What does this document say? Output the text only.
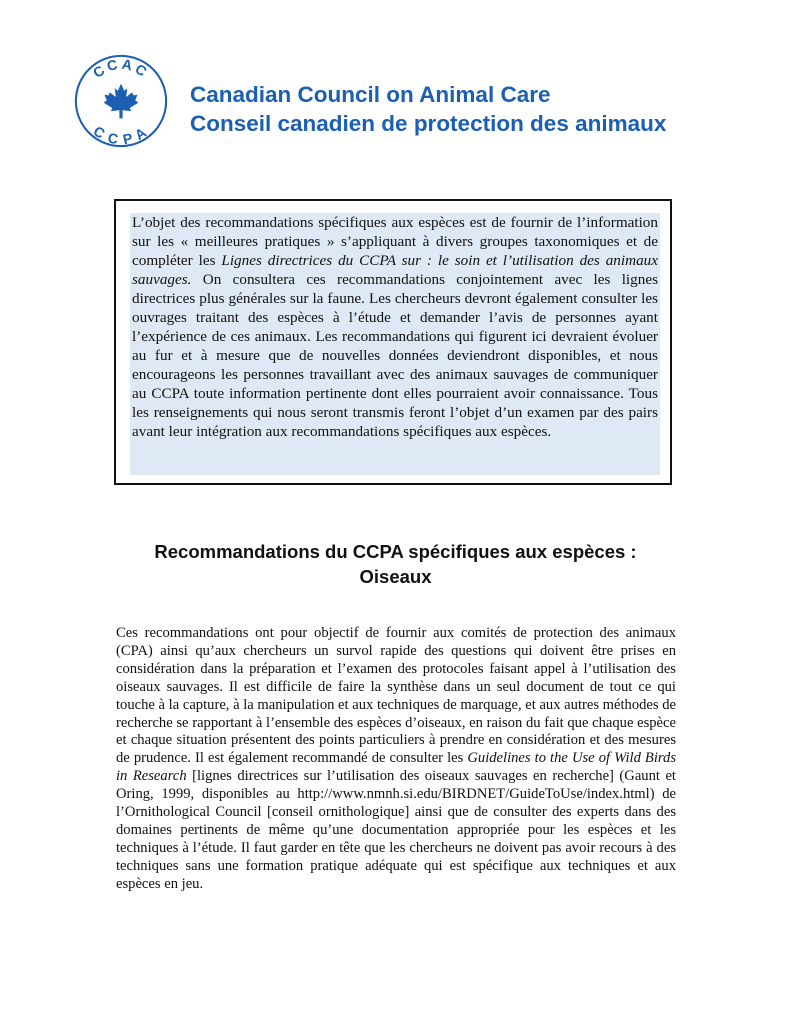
CCAC
CCPA
Canadian Council on Animal Care
Conseil canadien de protection des animaux

L’objet des recommandations spécifiques aux espèces est de fournir de l’information sur les « meilleures pratiques » s’appliquant à divers groupes taxonomiques et de compléter les Lignes directrices du CCPA sur : le soin et l’utilisation des animaux sauvages. On consultera ces recommandations conjointement avec les lignes directrices plus générales sur la faune. Les chercheurs devront également consulter les ouvrages traitant des espèces à l’étude et demander l’avis de personnes ayant l’expérience de ces animaux. Les recommandations qui figurent ici devraient évoluer au fur et à mesure que de nouvelles données deviendront disponibles, et nous encourageons les personnes travaillant avec des animaux sauvages de communiquer au CCPA toute information pertinente dont elles pourraient avoir connaissance. Tous les renseignements qui nous seront transmis feront l’objet d’un examen par des pairs avant leur intégration aux recommandations spécifiques aux espèces.

Recommandations du CCPA spécifiques aux espèces :
Oiseaux

Ces recommandations ont pour objectif de fournir aux comités de protection des animaux (CPA) ainsi qu’aux chercheurs un survol rapide des questions qui doivent être prises en considération dans la préparation et l’examen des protocoles faisant appel à l’utilisation des oiseaux sauvages. Il est difficile de faire la synthèse dans un seul document de tout ce qui touche à la capture, à la manipulation et aux techniques de marquage, et aux autres méthodes de recherche se rapportant à l’ensemble des espèces d’oiseaux, en raison du fait que chaque espèce et chaque situation présentent des points particuliers à prendre en considération et des mesures de prudence. Il est également recommandé de consulter les Guidelines to the Use of Wild Birds in Research [lignes directrices sur l’utilisation des oiseaux sauvages en recherche] (Gaunt et Oring, 1999, disponibles au http://www.nmnh.si.edu/BIRDNET/GuideToUse/index.html) de l’Ornithological Council [conseil ornithologique] ainsi que de consulter des experts dans des domaines pertinents de même qu’une documentation appropriée pour les espèces et les techniques à l’étude. Il faut garder en tête que les chercheurs ne doivent pas avoir recours à des techniques sans une formation pratique adéquate qui est spécifique aux techniques et aux espèces en jeu.
